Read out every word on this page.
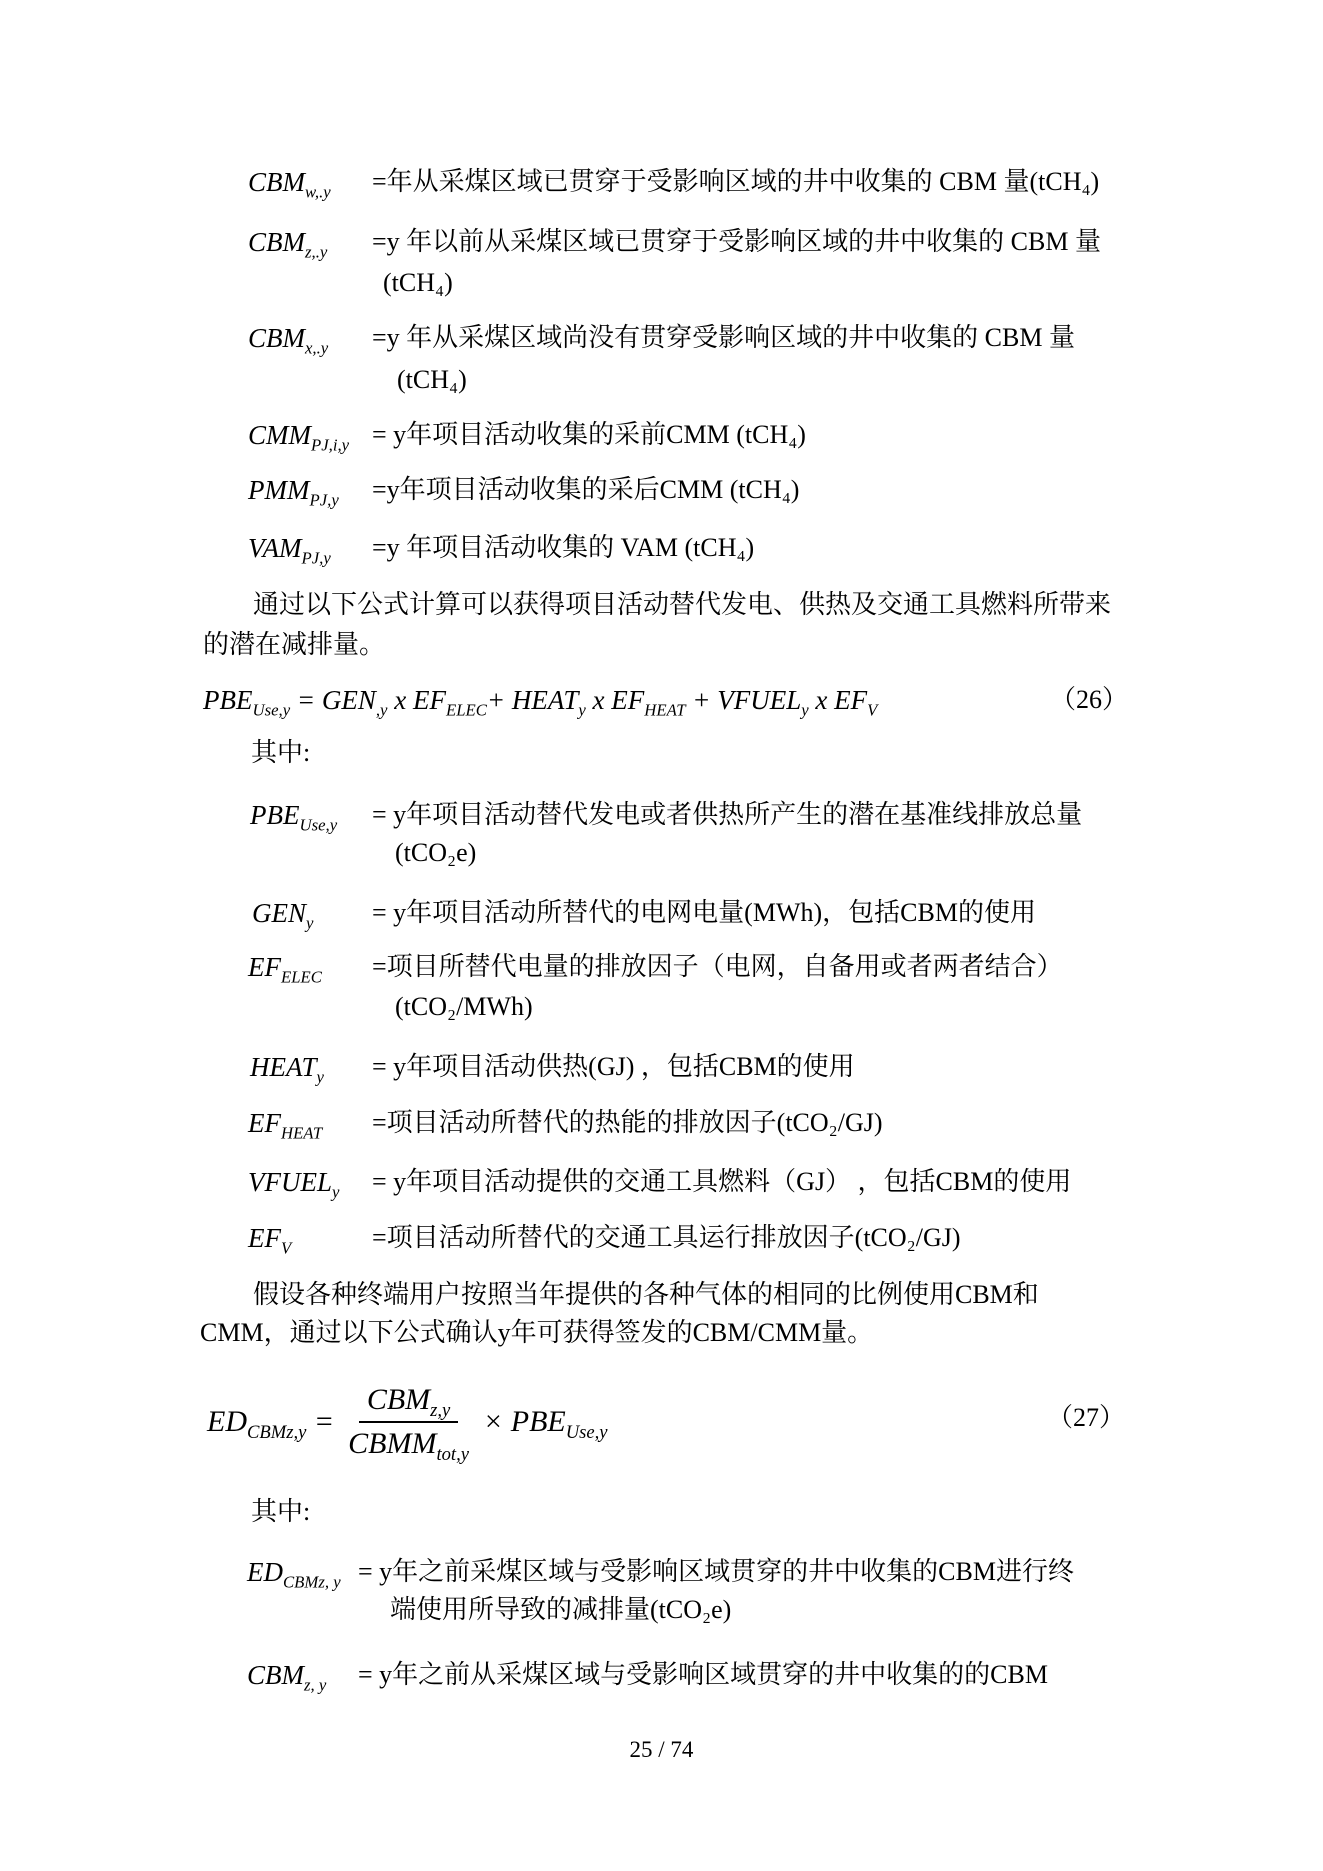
$CBM_{w,.y}$ =年从采煤区域已贯穿于受影响区域的井中收集的 CBM 量(tCH₄)
$CBM_{z,.y} =y$ 年以前从采煤区域已贯穿于受影响区域的井中收集的 CBM 量
(tCH₄)
$CBM_{x,.y} =y$ 年从采煤区域尚没有贯穿受影响区域的井中收集的 CBM 量
(tCH₄)
$CMM_{PJ,i,y} = y$年项目活动收集的采前CMM (tCH₄)
$PMM_{PJ,y} =y$年项目活动收集的采后CMM (tCH₄)
$VAM_{PJ,y} =y$ 年项目活动收集的 VAM (tCH₄)
通过以下公式计算可以获得项目活动替代发电、供热及交通工具燃料所带来
的潜在减排量。
$PBE_{Use,y} = GEN_{,y}$ x $EF_{ELEC}+$ $HEAT_y$ x $EF_{HEAT}$ + $VFUEL_y$ x $EF_V$	（26）
其中:
$PBE_{Use,y} = y$年项目活动替代发电或者供热所产生的潜在基准线排放总量
(tCO₂e)
$GEN_y = y$年项目活动所替代的电网电量(MWh)，包括CBM的使用
$EF_{ELEC}$ =项目所替代电量的排放因子（电网，自备用或者两者结合）
(tCO₂/MWh)
$HEAT_y = y$年项目活动供热(GJ) ，包括CBM的使用
$EF_{HEAT}$ =项目活动所替代的热能的排放因子(tCO₂/GJ)
$VFUEL_y = y$年项目活动提供的交通工具燃料（GJ） ，包括CBM的使用
$EF_V$	=项目活动所替代的交通工具运行排放因子(tCO₂/GJ)
假设各种终端用户按照当年提供的各种气体的相同的比例使用CBM和
CMM，通过以下公式确认y年可获得签发的CBM/CMM量。
$ED_{CBMz,y} = \frac{CBM_{z,y}}{CBMM_{tot,y}} \times PBE_{Use,y}$
（27）
其中:
$ED_{CBMz, y} = y$年之前采煤区域与受影响区域贯穿的井中收集的CBM进行终
端使用所导致的减排量(tCO₂e)
$CBM_{z, y} = y$年之前从采煤区域与受影响区域贯穿的井中收集的的CBM
25 / 74
